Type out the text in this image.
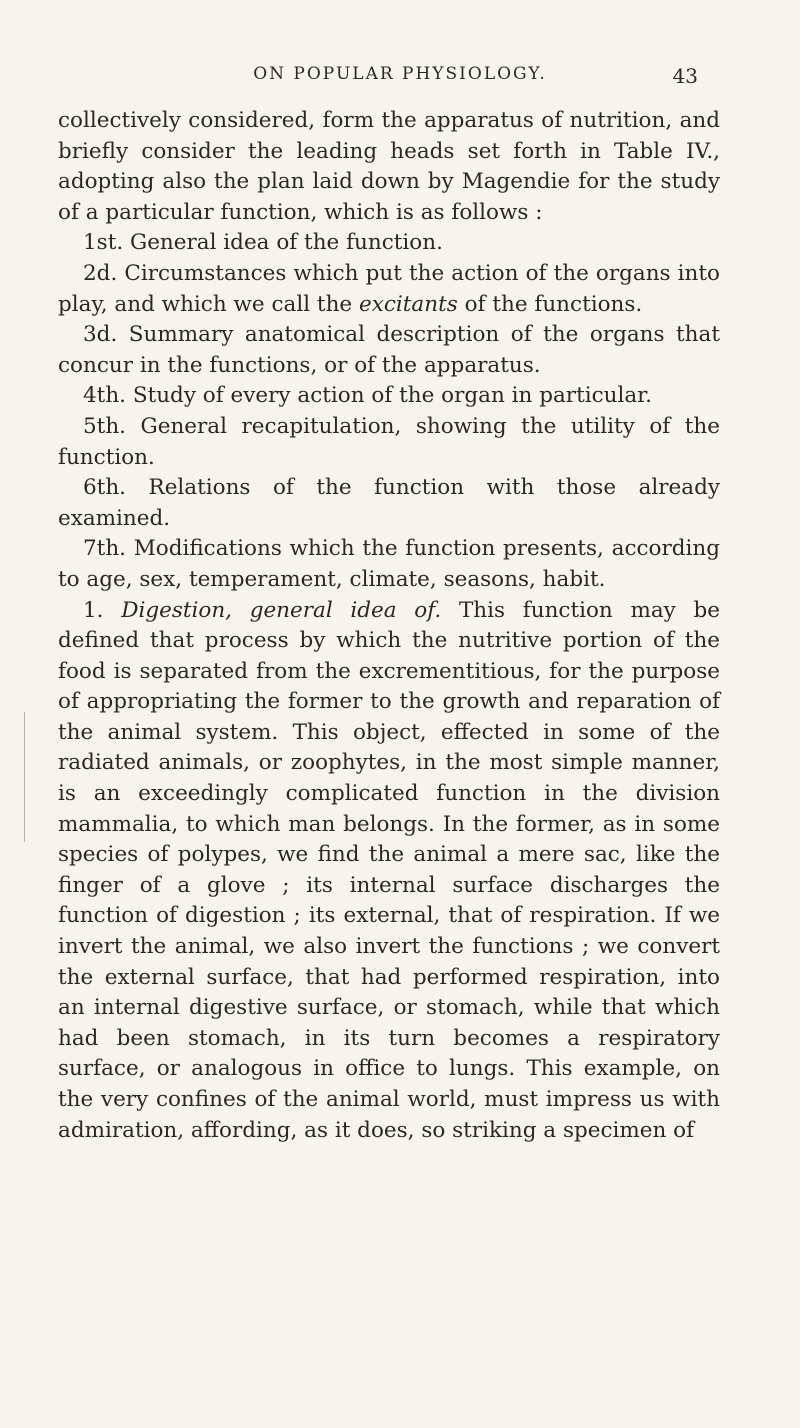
ON POPULAR PHYSIOLOGY.	43

collectively considered, form the apparatus of nutrition, and briefly consider the leading heads set forth in Table IV., adopting also the plan laid down by Magendie for the study of a particular function, which is as follows :

1st. General idea of the function.

2d. Circumstances which put the action of the organs into play, and which we call the excitants of the functions.

3d. Summary anatomical description of the organs that concur in the functions, or of the apparatus.

4th. Study of every action of the organ in particular.

5th. General recapitulation, showing the utility of the function.

6th. Relations of the function with those already examined.

7th. Modifications which the function presents, according to age, sex, temperament, climate, seasons, habit.

1. Digestion, general idea of. This function may be defined that process by which the nutritive portion of the food is separated from the excrementitious, for the purpose of appropriating the former to the growth and reparation of the animal system. This object, effected in some of the radiated animals, or zoophytes, in the most simple manner, is an exceedingly complicated function in the division mammalia, to which man belongs. In the former, as in some species of polypes, we find the animal a mere sac, like the finger of a glove ; its internal surface discharges the function of digestion ; its external, that of respiration. If we invert the animal, we also invert the functions ; we convert the external surface, that had performed respiration, into an internal digestive surface, or stomach, while that which had been stomach, in its turn becomes a respiratory surface, or analogous in office to lungs. This example, on the very confines of the animal world, must impress us with admiration, affording, as it does, so striking a specimen of
